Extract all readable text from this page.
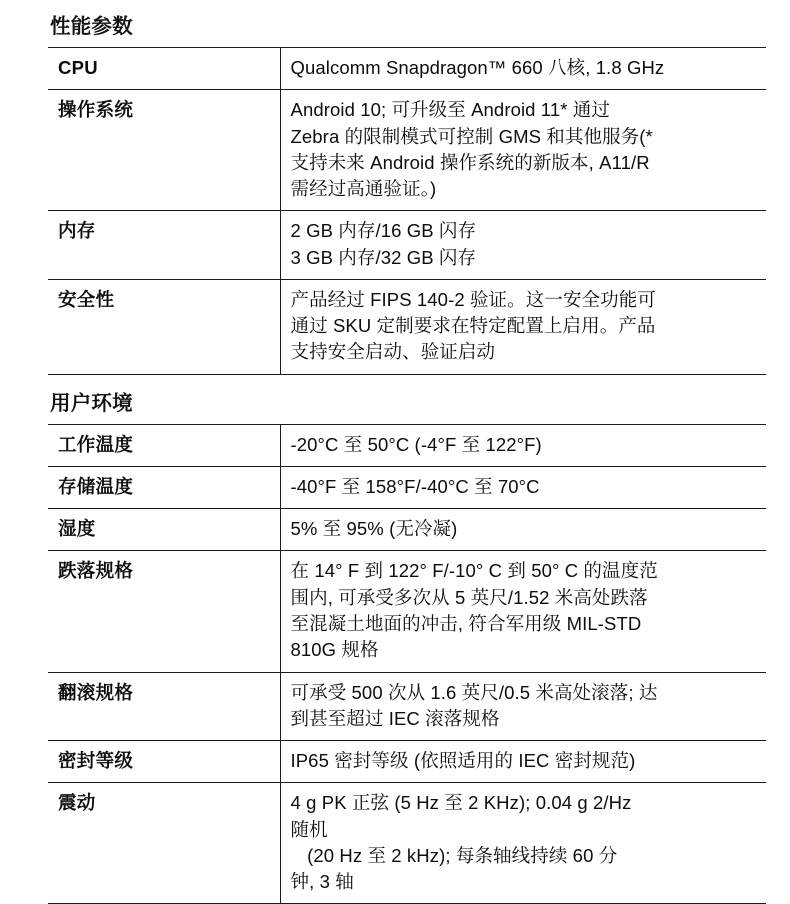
性能参数
CPU	Qualcomm Snapdragon™ 660 八核, 1.8 GHz

操作系统	Android 10; 可升级至 Android 11* 通过
Zebra 的限制模式可控制 GMS 和其他服务(*
支持未来 Android 操作系统的新版本, A11/R
需经过高通验证。)

内存	2 GB 内存/16 GB 闪存
3 GB 内存/32 GB 闪存

安全性	产品经过 FIPS 140-2 验证。这一安全功能可
通过 SKU 定制要求在特定配置上启用。产品
支持安全启动、验证启动
用户环境
工作温度	-20°C 至 50°C (-4°F 至 122°F)

存储温度	-40°F 至 158°F/-40°C 至 70°C

湿度	5% 至 95% (无冷凝)

跌落规格	在 14° F 到 122° F/-10° C 到 50° C 的温度范
围内, 可承受多次从 5 英尺/1.52 米高处跌落
至混凝土地面的冲击, 符合军用级 MIL-STD
810G 规格

翻滚规格	可承受 500 次从 1.6 英尺/0.5 米高处滚落; 达
到甚至超过 IEC 滚落规格

密封等级	IP65 密封等级 (依照适用的 IEC 密封规范)

震动	4 g PK 正弦 (5 Hz 至 2 KHz); 0.04 g 2/Hz
随机
(20 Hz 至 2 kHz); 每条轴线持续 60 分
钟, 3 轴
